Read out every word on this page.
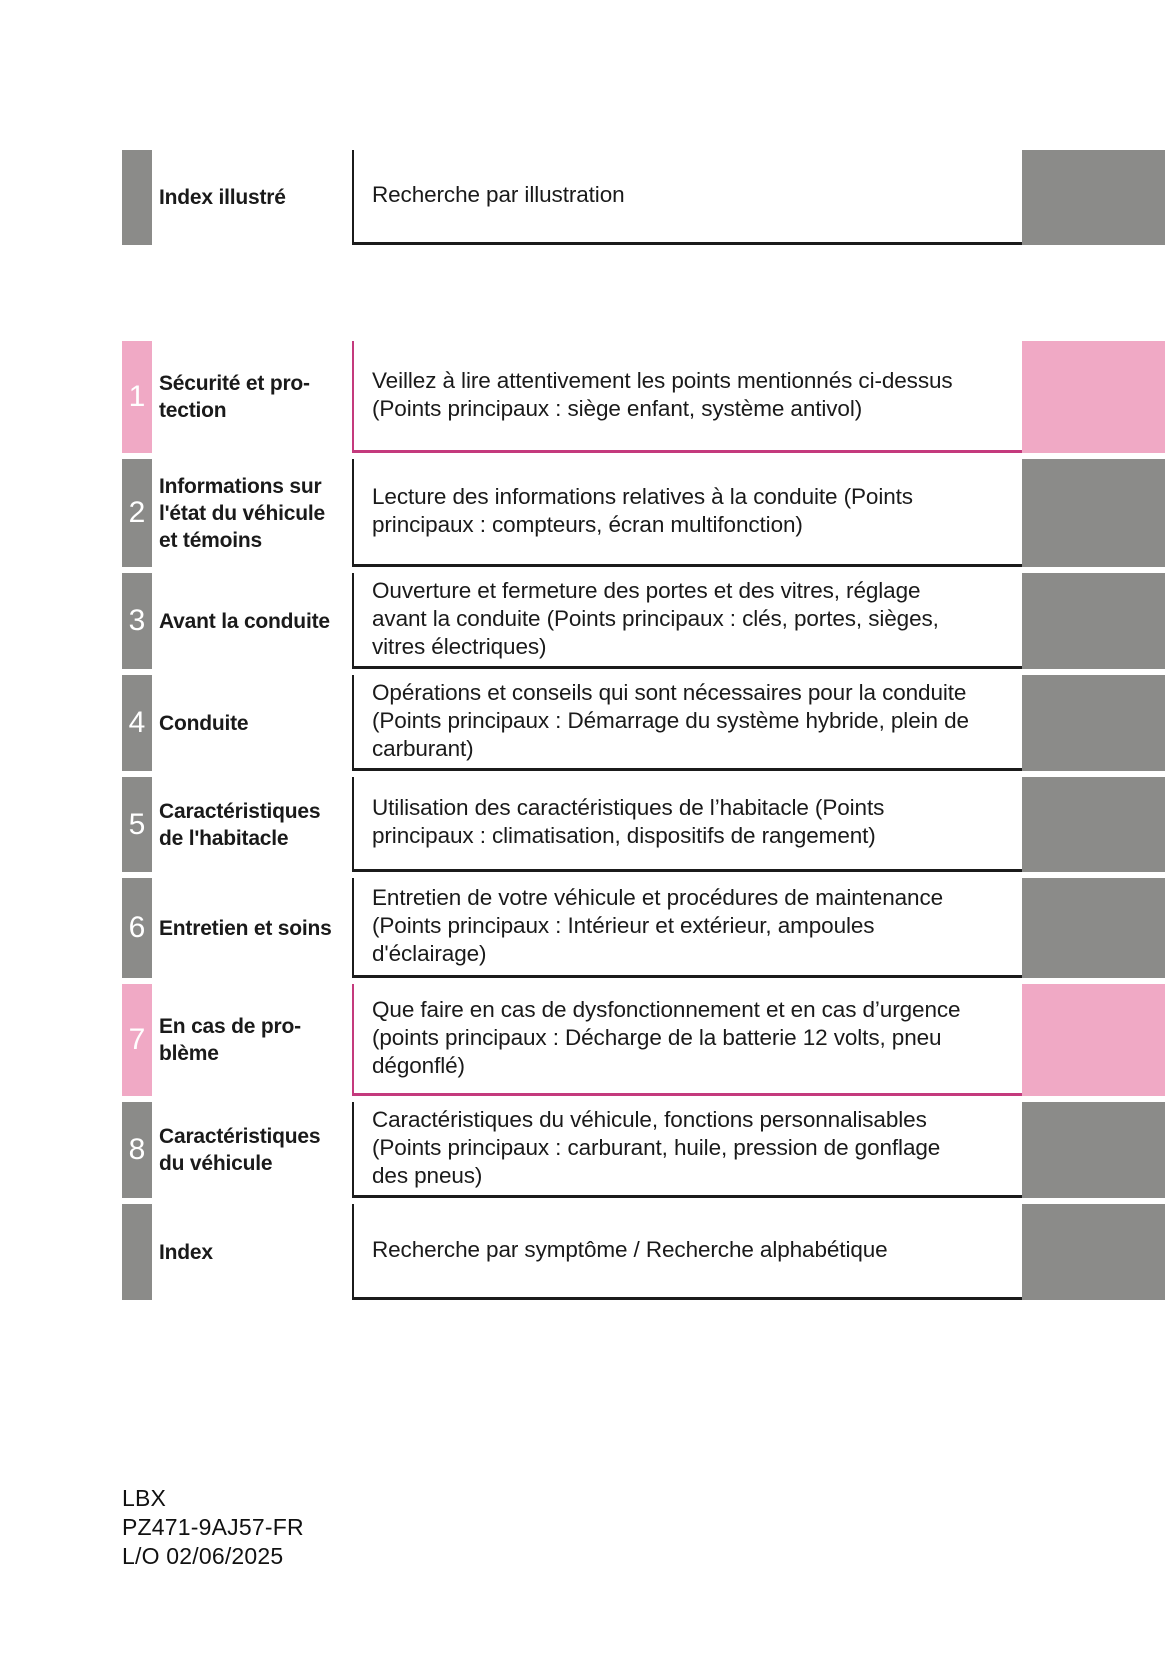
Index illustré	Recherche par illustration
1 Sécurité et pro-tection
Veillez à lire attentivement les points mentionnés ci-dessus (Points principaux : siège enfant, système antivol)
2
Informations sur l'état du véhicule et témoins
Lecture des informations relatives à la conduite (Points principaux : compteurs, écran multifonction)
3 Avant la conduite
Ouverture et fermeture des portes et des vitres, réglage avant la conduite (Points principaux : clés, portes, sièges, vitres électriques)
4 Conduite
Opérations et conseils qui sont nécessaires pour la conduite (Points principaux : Démarrage du système hybride, plein de carburant)
5 Caractéristiques de l'habitacle
Utilisation des caractéristiques de l’habitacle (Points principaux : climatisation, dispositifs de rangement)
6 Entretien et soins
Entretien de votre véhicule et procédures de maintenance (Points principaux : Intérieur et extérieur, ampoules d'éclairage)
7 En cas de pro-blème
Que faire en cas de dysfonctionnement et en cas d’urgence (points principaux : Décharge de la batterie 12 volts, pneu dégonflé)
8 Caractéristiques du véhicule
Caractéristiques du véhicule, fonctions personnalisables (Points principaux : carburant, huile, pression de gonflage des pneus)
Index	Recherche par symptôme / Recherche alphabétique
LBX
PZ471-9AJ57-FR
L/O 02/06/2025
